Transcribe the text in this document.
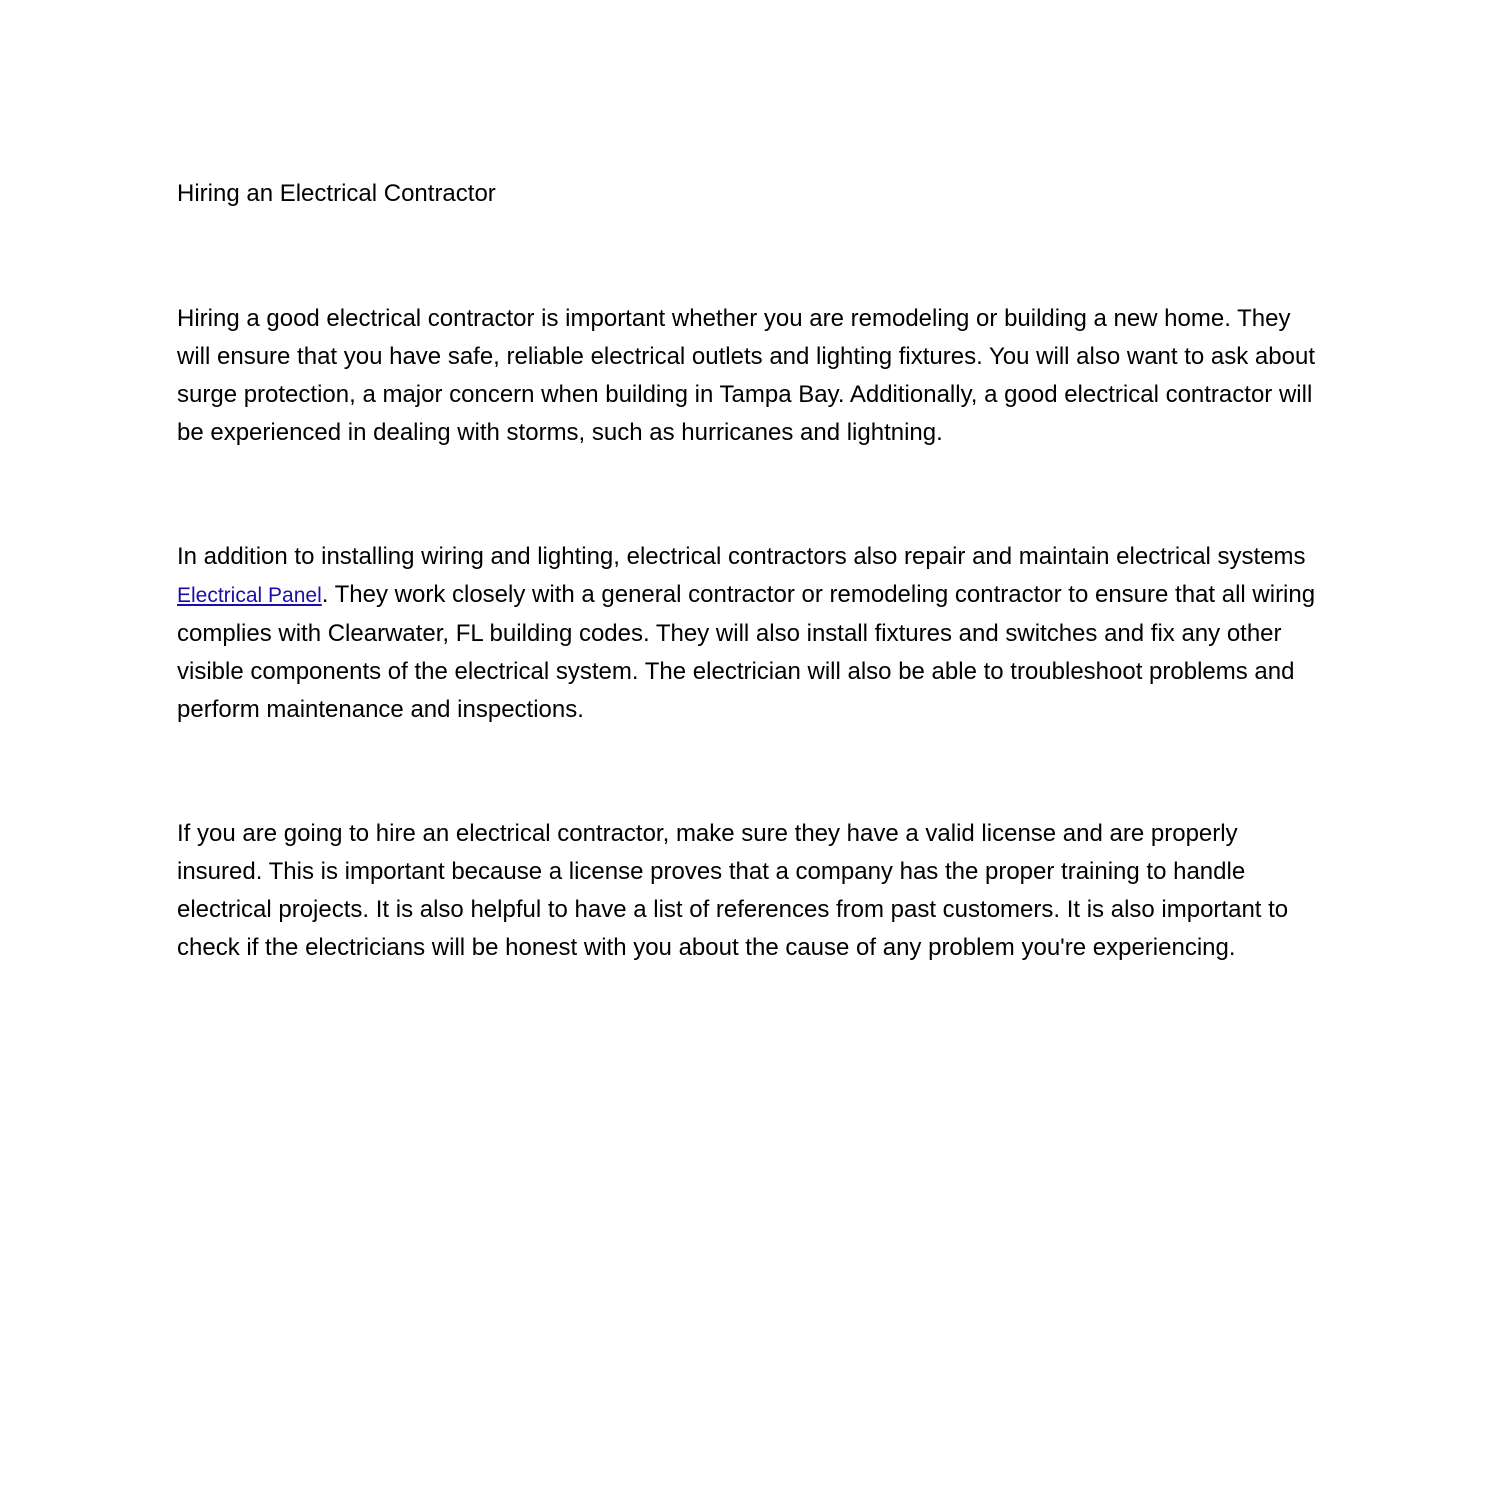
Hiring an Electrical Contractor

Hiring a good electrical contractor is important whether you are remodeling or building a new home. They will ensure that you have safe, reliable electrical outlets and lighting fixtures. You will also want to ask about surge protection, a major concern when building in Tampa Bay. Additionally, a good electrical contractor will be experienced in dealing with storms, such as hurricanes and lightning.

In addition to installing wiring and lighting, electrical contractors also repair and maintain electrical systems Electrical Panel. They work closely with a general contractor or remodeling contractor to ensure that all wiring complies with Clearwater, FL building codes. They will also install fixtures and switches and fix any other visible components of the electrical system. The electrician will also be able to troubleshoot problems and perform maintenance and inspections.

If you are going to hire an electrical contractor, make sure they have a valid license and are properly insured. This is important because a license proves that a company has the proper training to handle electrical projects. It is also helpful to have a list of references from past customers. It is also important to check if the electricians will be honest with you about the cause of any problem you're experiencing.
